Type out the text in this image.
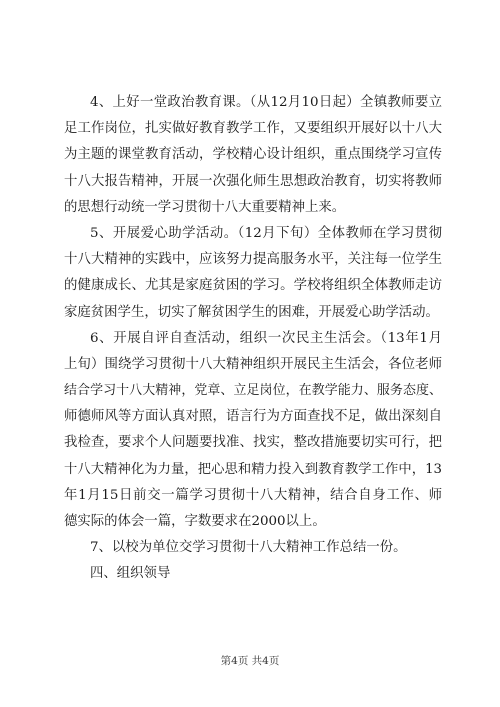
4、上好一堂政治教育课。（从12月10日起）全镇教师要立
足工作岗位，扎实做好教育教学工作，又要组织开展好以十八大
为主题的课堂教育活动，学校精心设计组织，重点围绕学习宣传
十八大报告精神，开展一次强化师生思想政治教育，切实将教师
的思想行动统一学习贯彻十八大重要精神上来。
5、开展爱心助学活动。（12月下旬）全体教师在学习贯彻
十八大精神的实践中，应该努力提高服务水平，关注每一位学生
的健康成长、尤其是家庭贫困的学习。学校将组织全体教师走访
家庭贫困学生，切实了解贫困学生的困难，开展爱心助学活动。
6、开展自评自查活动，组织一次民主生活会。（13年1月
上旬）围绕学习贯彻十八大精神组织开展民主生活会，各位老师
结合学习十八大精神，党章、立足岗位，在教学能力、服务态度、
师德师风等方面认真对照，语言行为方面查找不足，做出深刻自
我检查，要求个人问题要找准、找实，整改措施要切实可行，把
十八大精神化为力量，把心思和精力投入到教育教学工作中，13
年1月15日前交一篇学习贯彻十八大精神，结合自身工作、师
德实际的体会一篇，字数要求在2000以上。
7、以校为单位交学习贯彻十八大精神工作总结一份。
四、组织领导
第4页 共4页
